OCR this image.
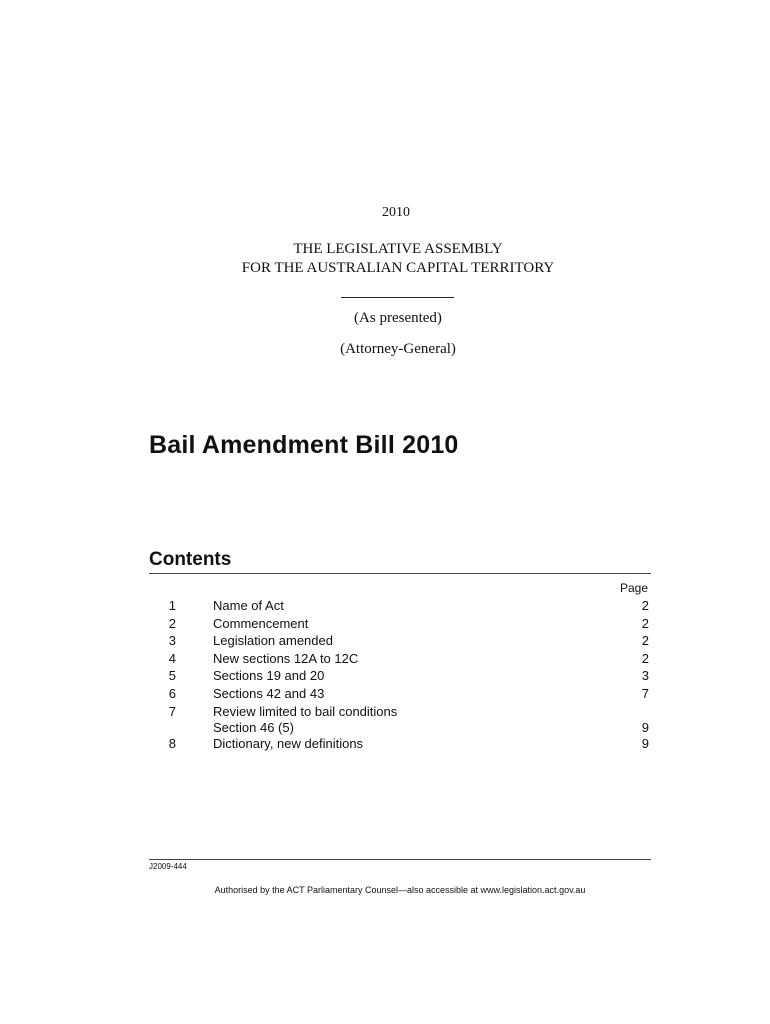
2010
THE LEGISLATIVE ASSEMBLY
FOR THE AUSTRALIAN CAPITAL TERRITORY
(As presented)
(Attorney-General)
Bail Amendment Bill 2010
Contents
Page
1	Name of Act	2
2	Commencement	2
3	Legislation amended	2
4	New sections 12A to 12C	2
5	Sections 19 and 20	3
6	Sections 42 and 43	7
7	Review limited to bail conditions
Section 46 (5)	9
8	Dictionary, new definitions	9
J2009-444
Authorised by the ACT Parliamentary Counsel—also accessible at www.legislation.act.gov.au
